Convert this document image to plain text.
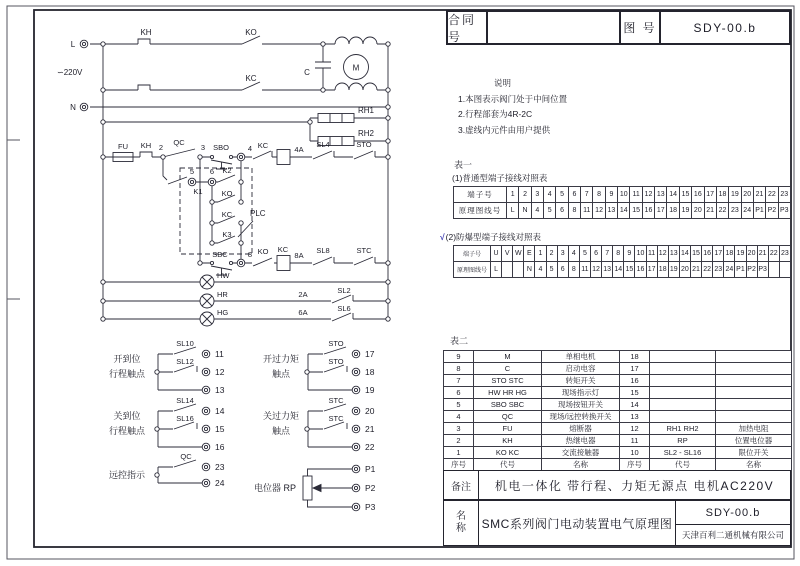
L
∽220V
N
KH	KO
KC
C	M
RH1
RH2
FU KH 2
QC
3 SBO	4 KC	4A
SL4	STO
5 6
K1
K2
KO
KC
K3
PLC
SBC	8 KO KC
8A
SL8	STC
HW
HR	2A	SL2
HG	6A	SL6
开到位
行程触点
SL10
SL12
11
12
13
开过力矩
触点
STO
STO
17
18
19
关到位
行程触点
SL14
SL16
14
15
16
关过力矩
触点
STC
STC
20
21
22
远控指示
QC
23
24	电位器 RP
P1
P2
P3
合同号
图 号	SDY-00.b
说明
1.本图表示阀门处于中间位置
2.行程部套为4R-2C
3.虚线内元件由用户提供
表一
(1)普通型端子接线对照表
端子号	1	2	3	4	5	6	7	8	9	10	11	12	13	14	15	16	17	18	19	20	21	22	23
原理图线号	L	N	4	5	6	8	11	12	13	14	15	16	17	18	19	20	21	22	23	24	P1	P2	P3
√(2)防爆型端子接线对照表
端子号	U	V	W	E	1	2	3	4	5	6	7	8	9	10	11	12	13	14	15	16	17	18	19	20	21	22	23
原理图线号	L			N	4	5	6	8	11	12	13	14	15	16	17	18	19	20	21	22	23	24	P1	P2	P3		
表二
9	M	单相电机	18		
8	C	启动电容	17		
7	STO STC	转矩开关	16		
6	HW HR HG	现场指示灯	15		
5	SBO SBC	现场按钮开关	14		
4	QC	现场/远控转换开关	13		
3	FU	熔断器	12	RH1 RH2	加热电阻
2	KH	热继电器	11	RP	位置电位器
1	KO KC	交流接触器	10	SL2 - SL16	限位开关
序号	代号	名称	序号	代号	名称
备注	机电一体化 带行程、力矩无源点 电机AC220V
名
称 SMC系列阀门电动装置电气原理图
SDY-00.b
天津百利二通机械有限公司
